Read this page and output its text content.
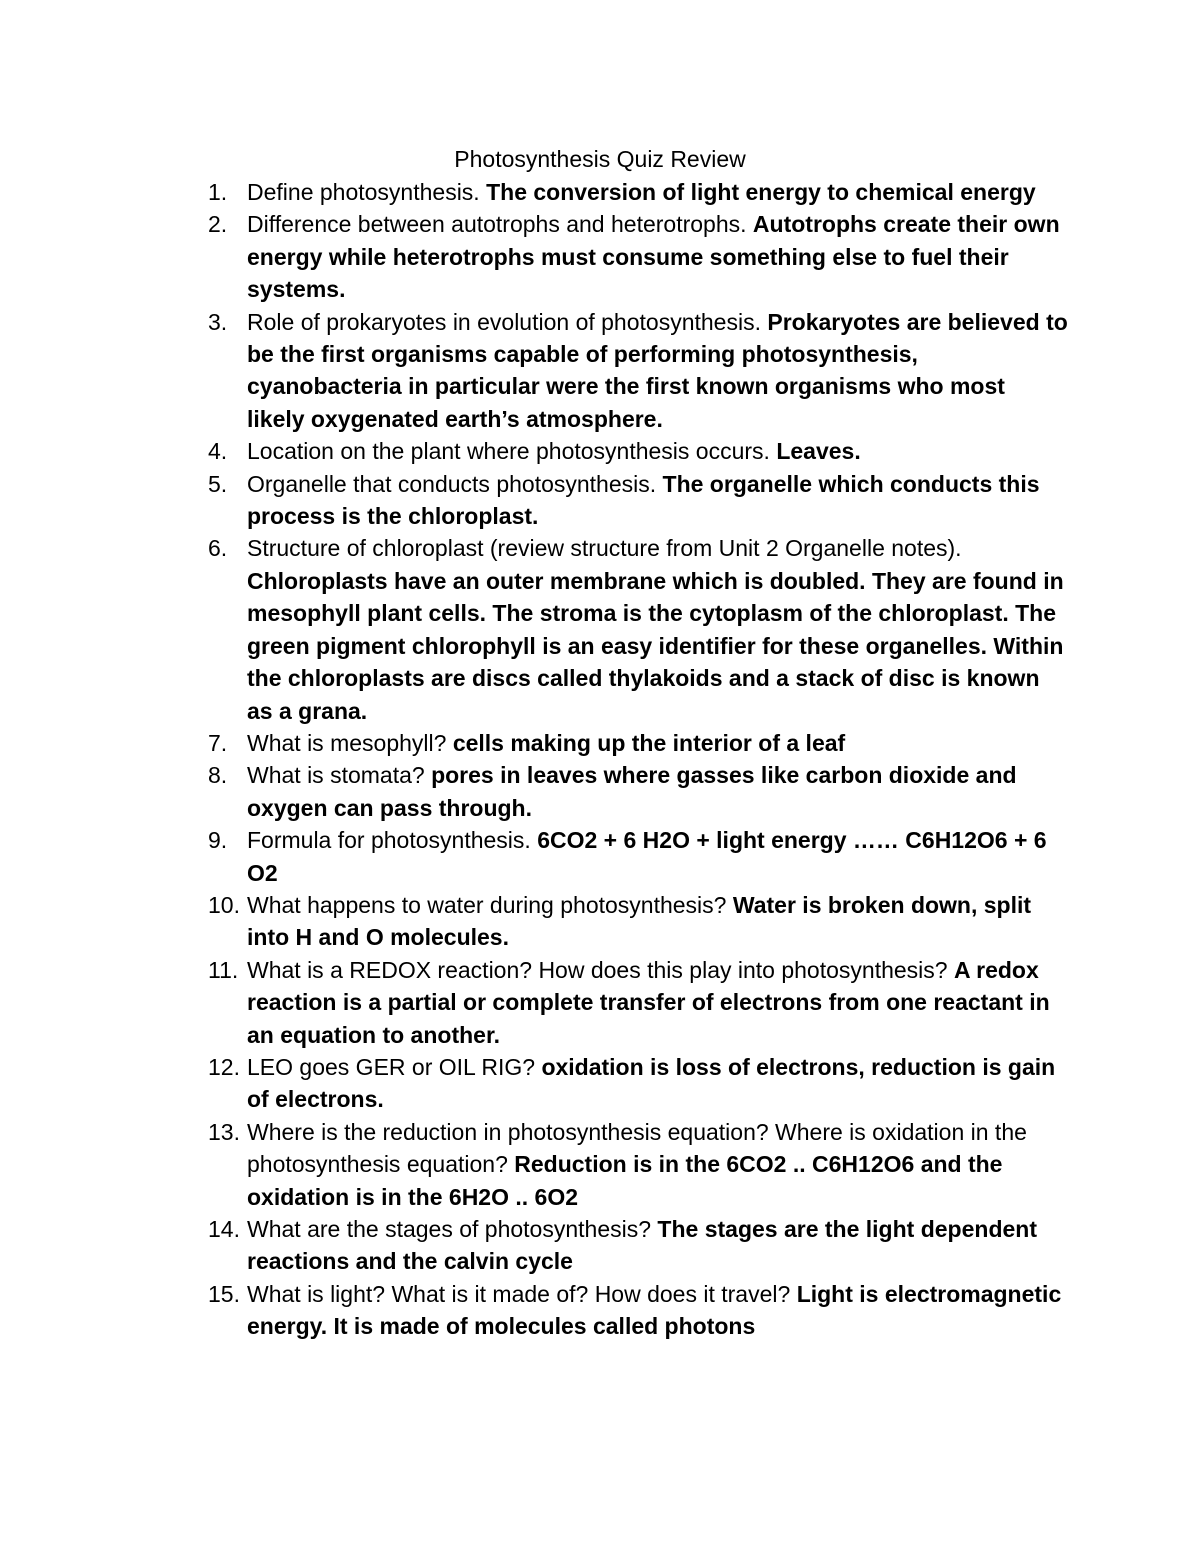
Photosynthesis Quiz Review
1. Define photosynthesis. The conversion of light energy to chemical energy
2. Difference between autotrophs and heterotrophs. Autotrophs create their own energy while heterotrophs must consume something else to fuel their systems.
3. Role of prokaryotes in evolution of photosynthesis. Prokaryotes are believed to be the first organisms capable of performing photosynthesis, cyanobacteria in particular were the first known organisms who most likely oxygenated earth’s atmosphere.
4. Location on the plant where photosynthesis occurs. Leaves.
5. Organelle that conducts photosynthesis. The organelle which conducts this process is the chloroplast.
6. Structure of chloroplast (review structure from Unit 2 Organelle notes). Chloroplasts have an outer membrane which is doubled. They are found in mesophyll plant cells. The stroma is the cytoplasm of the chloroplast. The green pigment chlorophyll is an easy identifier for these organelles. Within the chloroplasts are discs called thylakoids and a stack of disc is known as a grana.
7. What is mesophyll? cells making up the interior of a leaf
8. What is stomata? pores in leaves where gasses like carbon dioxide and oxygen can pass through.
9. Formula for photosynthesis. 6CO2 + 6 H2O + light energy …… C6H12O6 + 6 O2
10. What happens to water during photosynthesis? Water is broken down, split into H and O molecules.
11. What is a REDOX reaction? How does this play into photosynthesis? A redox reaction is a partial or complete transfer of electrons from one reactant in an equation to another.
12. LEO goes GER or OIL RIG? oxidation is loss of electrons, reduction is gain of electrons.
13. Where is the reduction in photosynthesis equation? Where is oxidation in the photosynthesis equation? Reduction is in the 6CO2 .. C6H12O6 and the oxidation is in the 6H2O .. 6O2
14. What are the stages of photosynthesis? The stages are the light dependent reactions and the calvin cycle
15. What is light? What is it made of? How does it travel? Light is electromagnetic energy. It is made of molecules called photons
